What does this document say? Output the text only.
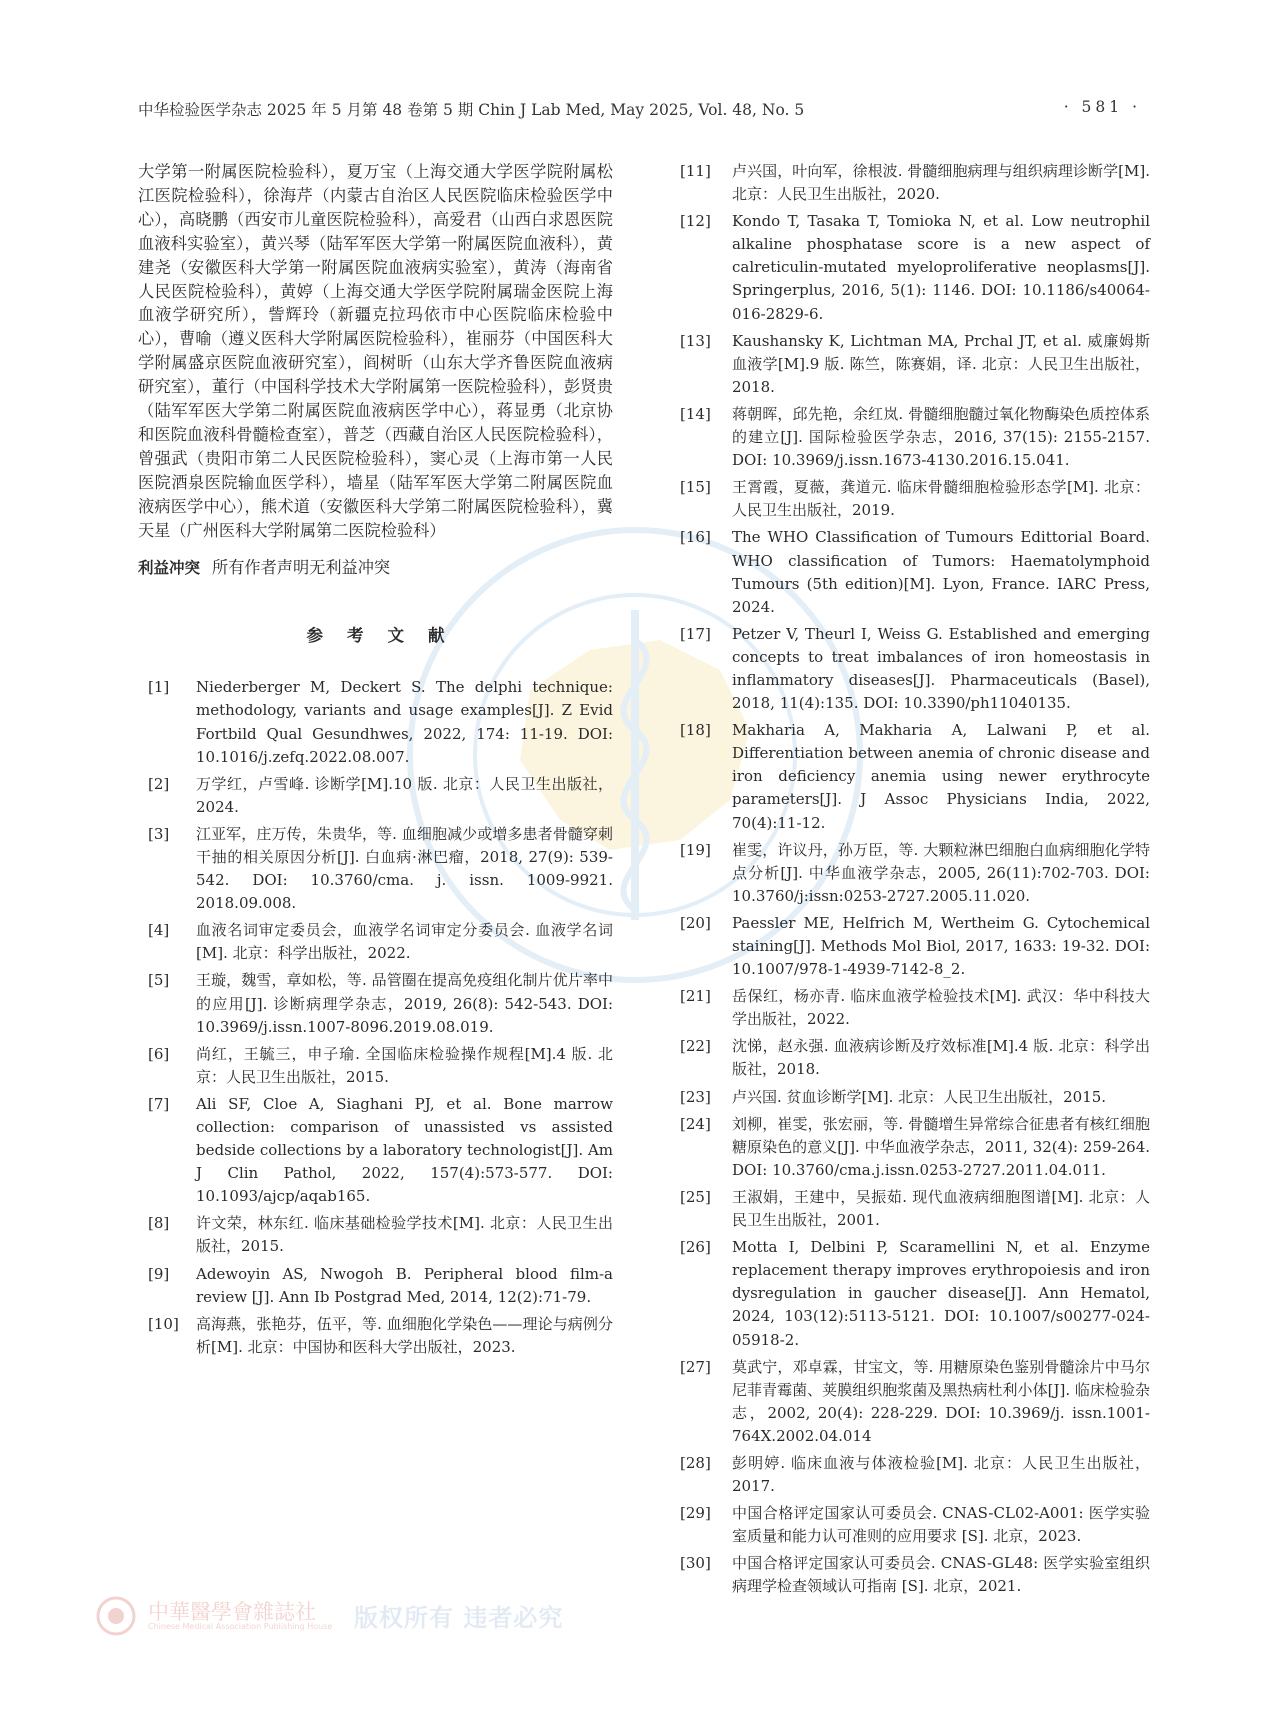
中华检验医学杂志 2025 年 5 月第 48 卷第 5 期 Chin J Lab Med, May 2025, Vol. 48, No. 5	· 581 ·

大学第一附属医院检验科），夏万宝（上海交通大学医学院附属松江医院检验科），徐海芹（内蒙古自治区人民医院临床检验医学中心），高晓鹏（西安市儿童医院检验科），高爱君（山西白求恩医院血液科实验室），黄兴琴（陆军军医大学第一附属医院血液科），黄建尧（安徽医科大学第一附属医院血液病实验室），黄涛（海南省人民医院检验科），黄婷（上海交通大学医学院附属瑞金医院上海血液学研究所），訾辉玲（新疆克拉玛依市中心医院临床检验中心），曹喻（遵义医科大学附属医院检验科），崔丽芬（中国医科大学附属盛京医院血液研究室），阎树昕（山东大学齐鲁医院血液病研究室），董行（中国科学技术大学附属第一医院检验科），彭贤贵（陆军军医大学第二附属医院血液病医学中心），蒋显勇（北京协和医院血液科骨髓检查室），普芝（西藏自治区人民医院检验科），曾强武（贵阳市第二人民医院检验科），窦心灵（上海市第一人民医院酒泉医院输血医学科），墙星（陆军军医大学第二附属医院血液病医学中心），熊术道（安徽医科大学第二附属医院检验科），冀天星（广州医科大学附属第二医院检验科）

利益冲突 所有作者声明无利益冲突

参考文献
[1]	Niederberger M, Deckert S. The delphi technique: methodology, variants and usage examples[J]. Z Evid Fortbild Qual Gesundhwes, 2022, 174: 11-19. DOI: 10.1016/j.zefq.2022.08.007.
[2]	万学红，卢雪峰. 诊断学[M].10 版. 北京：人民卫生出版社，2024.
[3]	江亚军，庄万传，朱贵华，等. 血细胞减少或增多患者骨髓穿刺干抽的相关原因分析[J]. 白血病·淋巴瘤，2018, 27(9): 539-542. DOI: 10.3760/cma. j. issn. 1009-9921. 2018.09.008.
[4]	血液名词审定委员会，血液学名词审定分委员会. 血液学名词[M]. 北京：科学出版社，2022.
[5]	王璇，魏雪，章如松，等. 品管圈在提高免疫组化制片优片率中的应用[J]. 诊断病理学杂志，2019, 26(8): 542-543. DOI: 10.3969/j.issn.1007-8096.2019.08.019.
[6]	尚红，王毓三，申子瑜. 全国临床检验操作规程[M].4 版. 北京：人民卫生出版社，2015.
[7]	Ali SF, Cloe A, Siaghani PJ, et al. Bone marrow collection: comparison of unassisted vs assisted bedside collections by a laboratory technologist[J]. Am J Clin Pathol, 2022, 157(4):573-577. DOI: 10.1093/ajcp/aqab165.
[8]	许文荣，林东红. 临床基础检验学技术[M]. 北京：人民卫生出版社，2015.
[9]	Adewoyin AS, Nwogoh B. Peripheral blood film-a review [J]. Ann Ib Postgrad Med, 2014, 12(2):71-79.
[10]	高海燕，张艳芬，伍平，等. 血细胞化学染色——理论与病例分析[M]. 北京：中国协和医科大学出版社，2023.
[11]	卢兴国，叶向军，徐根波. 骨髓细胞病理与组织病理诊断学[M]. 北京：人民卫生出版社，2020.
[12]	Kondo T, Tasaka T, Tomioka N, et al. Low neutrophil alkaline phosphatase score is a new aspect of calreticulin-mutated myeloproliferative neoplasms[J]. Springerplus, 2016, 5(1): 1146. DOI: 10.1186/s40064-016-2829-6.
[13]	Kaushansky K, Lichtman MA, Prchal JT, et al. 威廉姆斯血液学[M].9 版. 陈竺，陈赛娟，译. 北京：人民卫生出版社，2018.
[14]	蒋朝晖，邱先艳，余红岚. 骨髓细胞髓过氧化物酶染色质控体系的建立[J]. 国际检验医学杂志，2016, 37(15): 2155-2157. DOI: 10.3969/j.issn.1673-4130.2016.15.041.
[15]	王霄霞，夏薇，龚道元. 临床骨髓细胞检验形态学[M]. 北京：人民卫生出版社，2019.
[16]	The WHO Classification of Tumours Edittorial Board. WHO classification of Tumors: Haematolymphoid Tumours (5th edition)[M]. Lyon, France. IARC Press, 2024.
[17]	Petzer V, Theurl I, Weiss G. Established and emerging concepts to treat imbalances of iron homeostasis in inflammatory diseases[J]. Pharmaceuticals (Basel), 2018, 11(4):135. DOI: 10.3390/ph11040135.
[18]	Makharia A, Makharia A, Lalwani P, et al. Differentiation between anemia of chronic disease and iron deficiency anemia using newer erythrocyte parameters[J]. J Assoc Physicians India, 2022, 70(4):11-12.
[19]	崔雯，许议丹，孙万臣，等. 大颗粒淋巴细胞白血病细胞化学特点分析[J]. 中华血液学杂志，2005, 26(11):702-703. DOI: 10.3760/j:issn:0253-2727.2005.11.020.
[20]	Paessler ME, Helfrich M, Wertheim G. Cytochemical staining[J]. Methods Mol Biol, 2017, 1633: 19-32. DOI: 10.1007/978-1-4939-7142-8_2.
[21]	岳保红，杨亦青. 临床血液学检验技术[M]. 武汉：华中科技大学出版社，2022.
[22]	沈悌，赵永强. 血液病诊断及疗效标准[M].4 版. 北京：科学出版社，2018.
[23]	卢兴国. 贫血诊断学[M]. 北京：人民卫生出版社，2015.
[24]	刘柳，崔雯，张宏丽，等. 骨髓增生异常综合征患者有核红细胞糖原染色的意义[J]. 中华血液学杂志，2011, 32(4): 259-264. DOI: 10.3760/cma.j.issn.0253-2727.2011.04.011.
[25]	王淑娟，王建中，吴振茹. 现代血液病细胞图谱[M]. 北京：人民卫生出版社，2001.
[26]	Motta I, Delbini P, Scaramellini N, et al. Enzyme replacement therapy improves erythropoiesis and iron dysregulation in gaucher disease[J]. Ann Hematol, 2024, 103(12):5113-5121. DOI: 10.1007/s00277-024-05918-2.
[27]	莫武宁，邓卓霖，甘宝文，等. 用糖原染色鉴别骨髓涂片中马尔尼菲青霉菌、荚膜组织胞浆菌及黑热病杜利小体[J]. 临床检验杂志，2002, 20(4): 228-229. DOI: 10.3969/j. issn.1001-764X.2002.04.014
[28]	彭明婷. 临床血液与体液检验[M]. 北京：人民卫生出版社，2017.
[29]	中国合格评定国家认可委员会. CNAS-CL02-A001: 医学实验室质量和能力认可准则的应用要求 [S]. 北京，2023.
[30]	中国合格评定国家认可委员会. CNAS-GL48: 医学实验室组织病理学检查领域认可指南 [S]. 北京，2021.
中華醫學會雜誌社
Chinese Medical Association Publishing House 版权所有 违者必究
